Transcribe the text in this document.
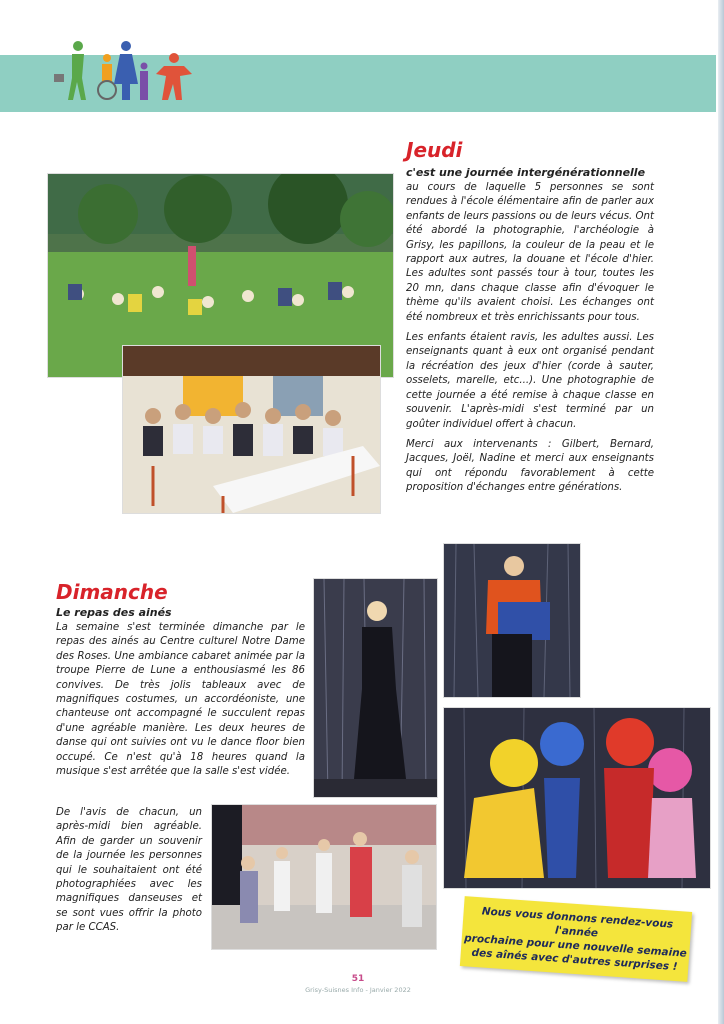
Jeudi
c'est une journée intergénérationnelle

au cours de laquelle 5 personnes se sont rendues à l'école élémentaire afin de parler aux enfants de leurs passions ou de leurs vécus. Ont été abordé la photographie, l'archéologie à Grisy, les papillons, la couleur de la peau et le rapport aux autres, la douane et l'école d'hier. Les adultes sont passés tour à tour, toutes les 20 mn, dans chaque classe afin d'évoquer le thème qu'ils avaient choisi. Les échanges ont été nombreux et très enrichissants pour tous.

Les enfants étaient ravis, les adultes aussi. Les enseignants quant à eux ont organisé pendant la récréation des jeux d'hier (corde à sauter, osselets, marelle, etc...). Une photographie de cette journée a été remise à chaque classe en souvenir. L'après-midi s'est terminé par un goûter individuel offert à chacun.

Merci aux intervenants : Gilbert, Bernard, Jacques, Joël, Nadine et merci aux enseignants qui ont répondu favorablement à cette proposition d'échanges entre générations.

Dimanche
Le repas des ainés
La semaine s'est terminée dimanche par le repas des ainés au Centre culturel Notre Dame des Roses. Une ambiance cabaret animée par la troupe Pierre de Lune a enthousiasmé les 86 convives. De très jolis tableaux avec de magnifiques costumes, un accordéoniste, une chanteuse ont accompagné le succulent repas d'une agréable manière. Les deux heures de danse qui ont suivies ont vu le dance floor bien occupé. Ce n'est qu'à 18 heures quand la musique s'est arrêtée que la salle s'est vidée.
De l'avis de chacun, un après-midi bien agréable. Afin de garder un souvenir de la journée les personnes qui le souhaitaient ont été photographiées avec les magnifiques danseuses et se sont vues offrir la photo par le CCAS.	Nous vous donnons rendez-vous l'année
prochaine pour une nouvelle semaine
des aînés avec d'autres surprises !
51
Grisy-Suisnes Info - Janvier 2022
